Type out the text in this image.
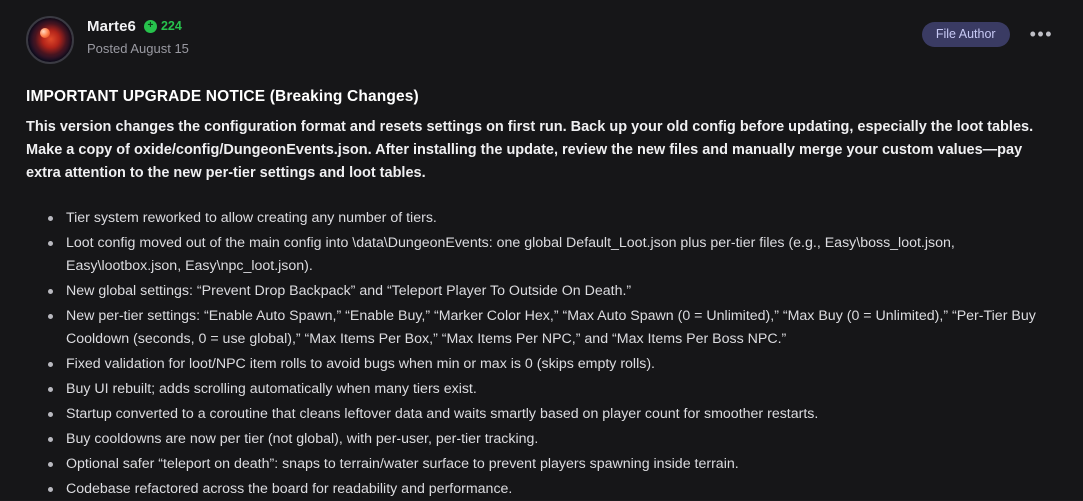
Marte6	+ 224
Posted August 15
File Author	•••
IMPORTANT UPGRADE NOTICE (Breaking Changes)

This version changes the configuration format and resets settings on first run. Back up your old config before updating, especially the loot tables. Make a copy of oxide/config/DungeonEvents.json. After installing the update, review the new files and manually merge your custom values—pay extra attention to the new per-tier settings and loot tables.

Tier system reworked to allow creating any number of tiers.
Loot config moved out of the main config into \data\DungeonEvents: one global Default_Loot.json plus per-tier files (e.g., Easy\boss_loot.json, Easy\lootbox.json, Easy\npc_loot.json).
New global settings: “Prevent Drop Backpack” and “Teleport Player To Outside On Death.”
New per-tier settings: “Enable Auto Spawn,” “Enable Buy,” “Marker Color Hex,” “Max Auto Spawn (0 = Unlimited),” “Max Buy (0 = Unlimited),” “Per-Tier Buy Cooldown (seconds, 0 = use global),” “Max Items Per Box,” “Max Items Per NPC,” and “Max Items Per Boss NPC.”
Fixed validation for loot/NPC item rolls to avoid bugs when min or max is 0 (skips empty rolls).
Buy UI rebuilt; adds scrolling automatically when many tiers exist.
Startup converted to a coroutine that cleans leftover data and waits smartly based on player count for smoother restarts.
Buy cooldowns are now per tier (not global), with per-user, per-tier tracking.
Optional safer “teleport on death”: snaps to terrain/water surface to prevent players spawning inside terrain.
Codebase refactored across the board for readability and performance.
